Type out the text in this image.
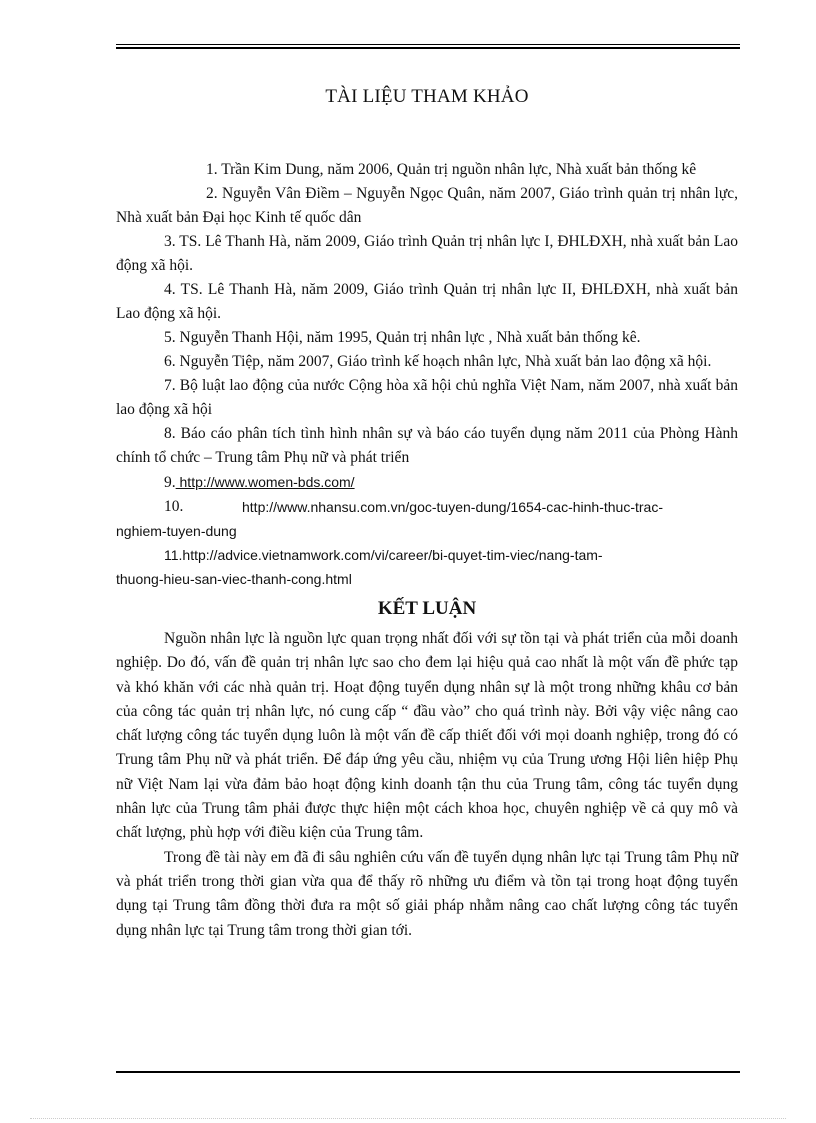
TÀI LIỆU THAM KHẢO

1. Trần Kim Dung, năm 2006, Quản trị nguồn nhân lực, Nhà xuất bản thống kê

2. Nguyễn Vân Điềm – Nguyễn Ngọc Quân, năm 2007, Giáo trình quản trị nhân lực, Nhà xuất bản Đại học Kinh tế quốc dân

3. TS. Lê Thanh Hà, năm 2009, Giáo trình Quản trị nhân lực I, ĐHLĐXH, nhà xuất bản Lao động xã hội.

4. TS. Lê Thanh Hà, năm 2009, Giáo trình Quản trị nhân lực II, ĐHLĐXH, nhà xuất bản Lao động xã hội.

5. Nguyễn Thanh Hội, năm 1995, Quản trị nhân lực , Nhà xuất bản thống kê.

6. Nguyễn Tiệp, năm 2007, Giáo trình kế hoạch nhân lực, Nhà xuất bản lao động xã hội.

7. Bộ luật lao động của nước Cộng hòa xã hội chủ nghĩa Việt Nam, năm 2007, nhà xuất bản lao động xã hội

8. Báo cáo phân tích tình hình nhân sự và báo cáo tuyển dụng năm 2011 của Phòng Hành chính tổ chức – Trung tâm Phụ nữ và phát triển

9. http://www.women-bds.com/

10.	http://www.nhansu.com.vn/goc-tuyen-dung/1654-cac-hinh-thuc-trac-

nghiem-tuyen-dung

11.http://advice.vietnamwork.com/vi/career/bi-quyet-tim-viec/nang-tam-

thuong-hieu-san-viec-thanh-cong.html

KẾT LUẬN

Nguồn nhân lực là nguồn lực quan trọng nhất đối với sự tồn tại và phát triển của mỗi doanh nghiệp. Do đó, vấn đề quản trị nhân lực sao cho đem lại hiệu quả cao nhất là một vấn đề phức tạp và khó khăn với các nhà quản trị. Hoạt động tuyển dụng nhân sự là một trong những khâu cơ bản của công tác quản trị nhân lực, nó cung cấp “ đầu vào” cho quá trình này. Bởi vậy việc nâng cao chất lượng công tác tuyển dụng luôn là một vấn đề cấp thiết đối với mọi doanh nghiệp, trong đó có Trung tâm Phụ nữ và phát triển. Để đáp ứng yêu cầu, nhiệm vụ của Trung ương Hội liên hiệp Phụ nữ Việt Nam lại vừa đảm bảo hoạt động kinh doanh tận thu của Trung tâm, công tác tuyển dụng nhân lực của Trung tâm phải được thực hiện một cách khoa học, chuyên nghiệp về cả quy mô và chất lượng, phù hợp với điều kiện của Trung tâm.

Trong đề tài này em đã đi sâu nghiên cứu vấn đề tuyển dụng nhân lực tại Trung tâm Phụ nữ và phát triển trong thời gian vừa qua để thấy rõ những ưu điểm và tồn tại trong hoạt động tuyển dụng tại Trung tâm đồng thời đưa ra một số giải pháp nhằm nâng cao chất lượng công tác tuyển dụng nhân lực tại Trung tâm trong thời gian tới.
